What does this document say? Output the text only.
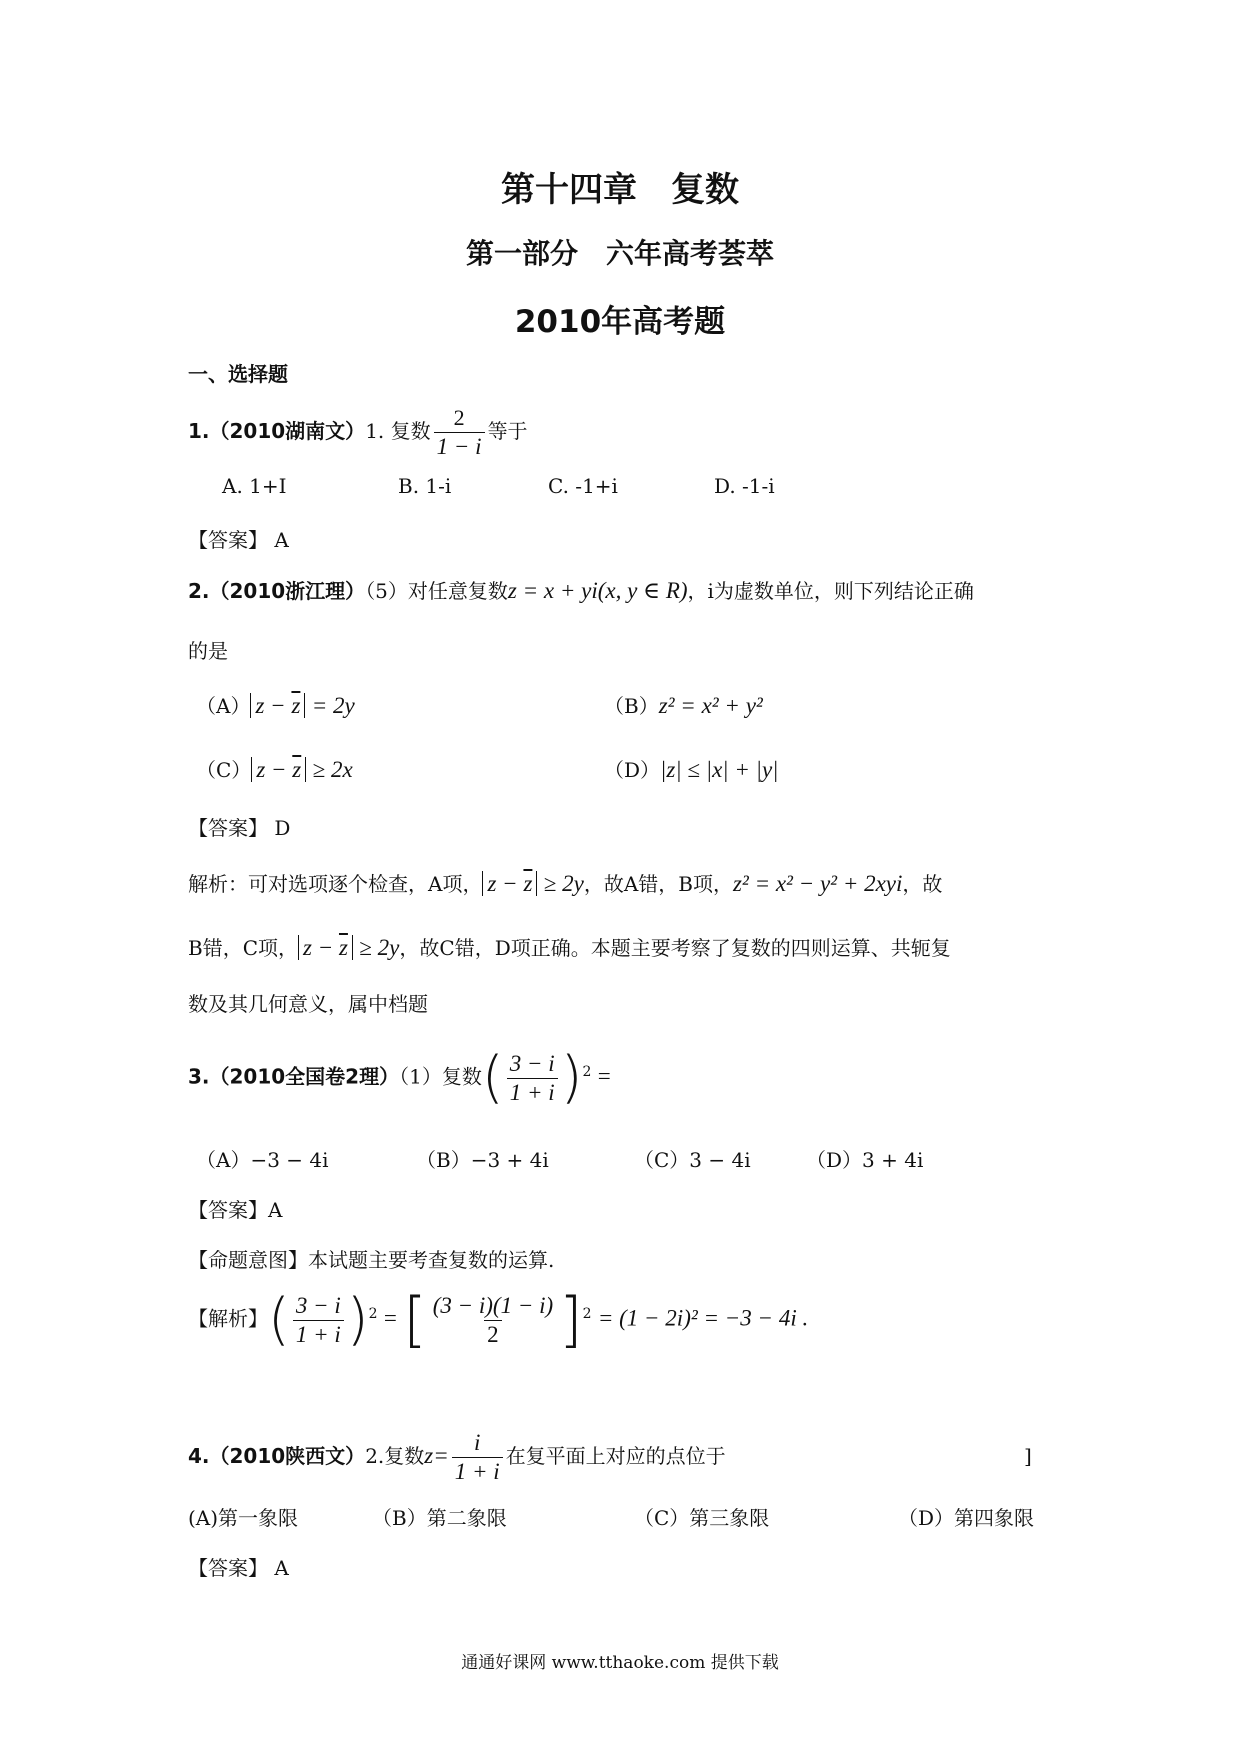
第十四章　复数
第一部分　六年高考荟萃
2010年高考题
一、选择题
1.（2010湖南文）1. 复数 $\frac{2}{1 - i}$ 等于
A. 1+I	B. 1-i	C. -1+i	D. -1-i
【答案】 A
2.（2010浙江理）（5）对任意复数z = x + yi(x, y ∈ R)，i为虚数单位，则下列结论正确
的是
（A） $z - \overline{z} = 2y$	（B）z² = x² + y²
（C） $z - \overline{z} \ge 2x$	（D）|z| ≤ |x| + |y|
【答案】 D
解析：可对选项逐个检查，A项， $z - \overline{z} \ge 2y$，故A错，B项，z² = x² − y² + 2xyi，故
B错，C项， $z - \overline{z} \ge 2y$，故C错，D项正确。本题主要考察了复数的四则运算、共轭复
数及其几何意义，属中档题
3.（2010全国卷2理）（1）复数( $\frac{3 - i}{1 + i} )^2$ =
（A）−3 − 4i	（B）−3 + 4i	（C）3 − 4i	（D）3 + 4i
【答案】A
【命题意图】本试题主要考查复数的运算.
【解析】( $\frac{3 - i}{1 + i} )^2$ = [ $\frac{(3 - i)(1 - i)}{2} ]^2 = (1 - 2i)^2 = -3 - 4i$ .
4.（2010陕西文）2.复数$z= \frac{i}{1 + i}$ 在复平面上对应的点位于	]
(A)第一象限	（B）第二象限	（C）第三象限	（D）第四象限
【答案】 A
通通好课网 www.tthaoke.com 提供下载
